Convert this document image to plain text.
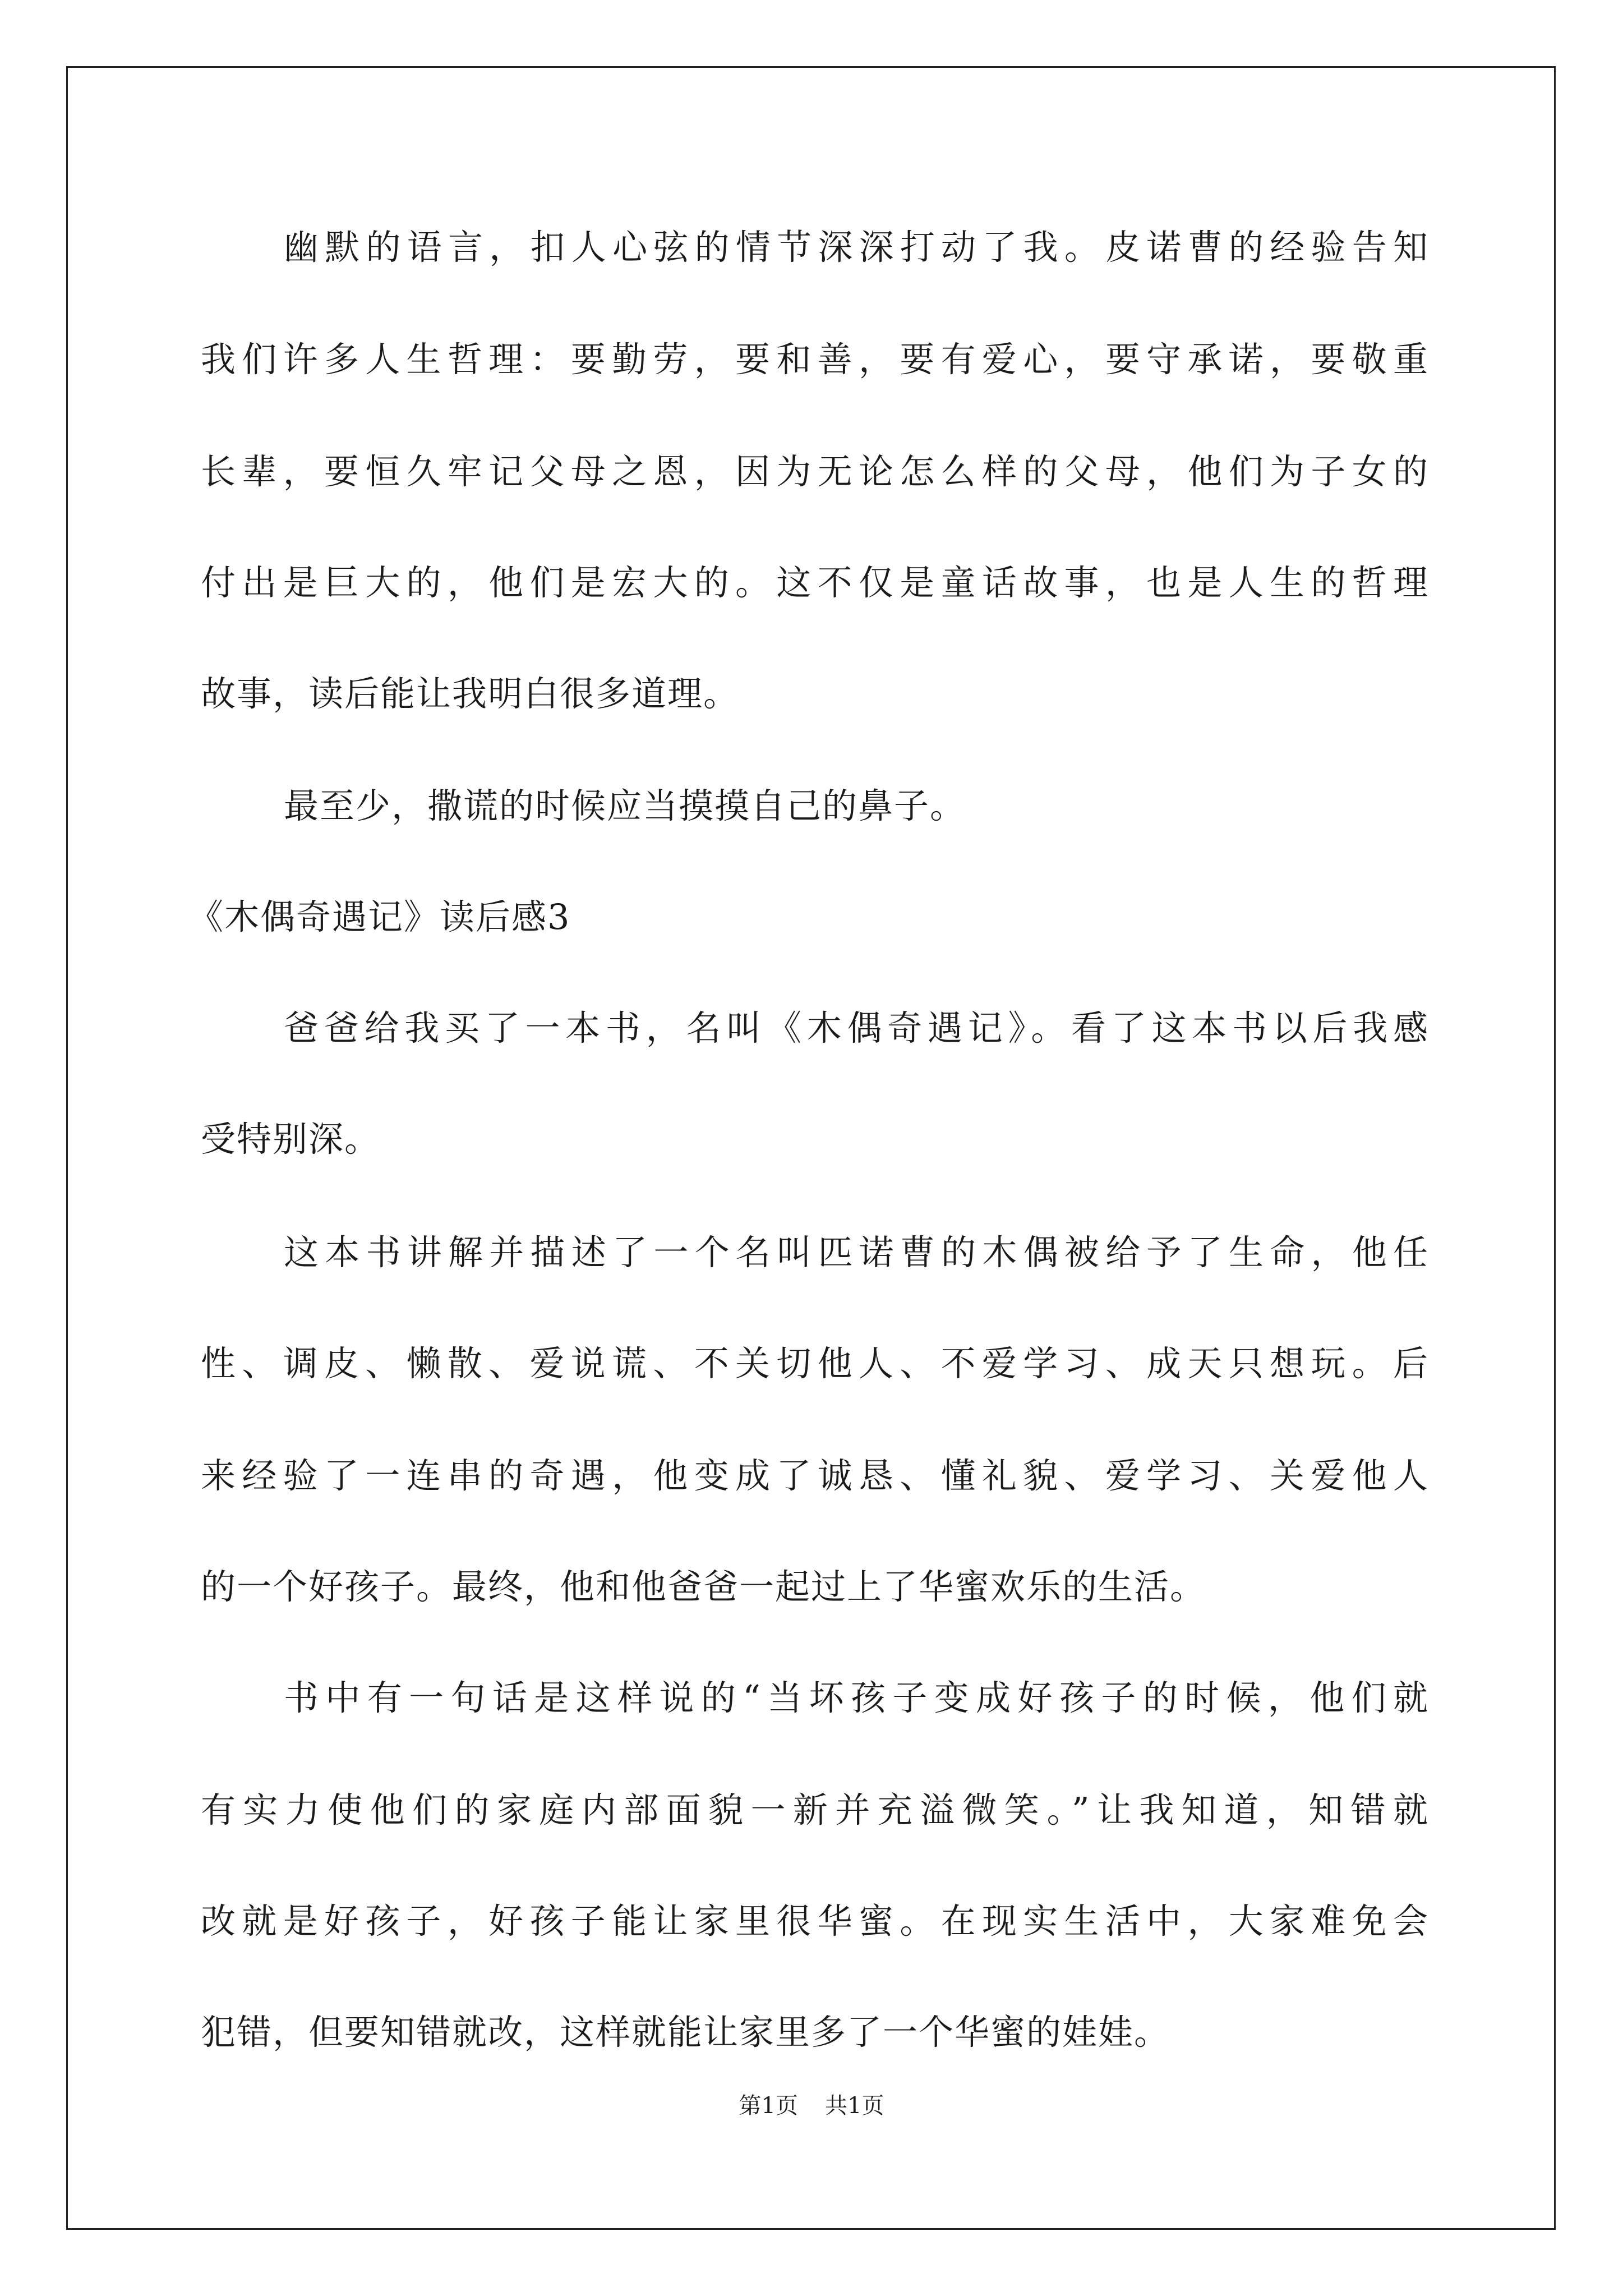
幽默的语言，扣人心弦的情节深深打动了我。皮诺曹的经验告知
我们许多人生哲理：要勤劳，要和善，要有爱心，要守承诺，要敬重
长辈，要恒久牢记父母之恩，因为无论怎么样的父母，他们为子女的
付出是巨大的，他们是宏大的。这不仅是童话故事，也是人生的哲理
故事，读后能让我明白很多道理。
最至少，撒谎的时候应当摸摸自己的鼻子。
《木偶奇遇记》读后感3
爸爸给我买了一本书，名叫《木偶奇遇记》。看了这本书以后我感
受特别深。
这本书讲解并描述了一个名叫匹诺曹的木偶被给予了生命，他任
性、调皮、懒散、爱说谎、不关切他人、不爱学习、成天只想玩。后
来经验了一连串的奇遇，他变成了诚恳、懂礼貌、爱学习、关爱他人
的一个好孩子。最终，他和他爸爸一起过上了华蜜欢乐的生活。
书中有一句话是这样说的“当坏孩子变成好孩子的时候，他们就
有实力使他们的家庭内部面貌一新并充溢微笑。”让我知道，知错就
改就是好孩子，好孩子能让家里很华蜜。在现实生活中，大家难免会
犯错，但要知错就改，这样就能让家里多了一个华蜜的娃娃。
第1页 共1页
